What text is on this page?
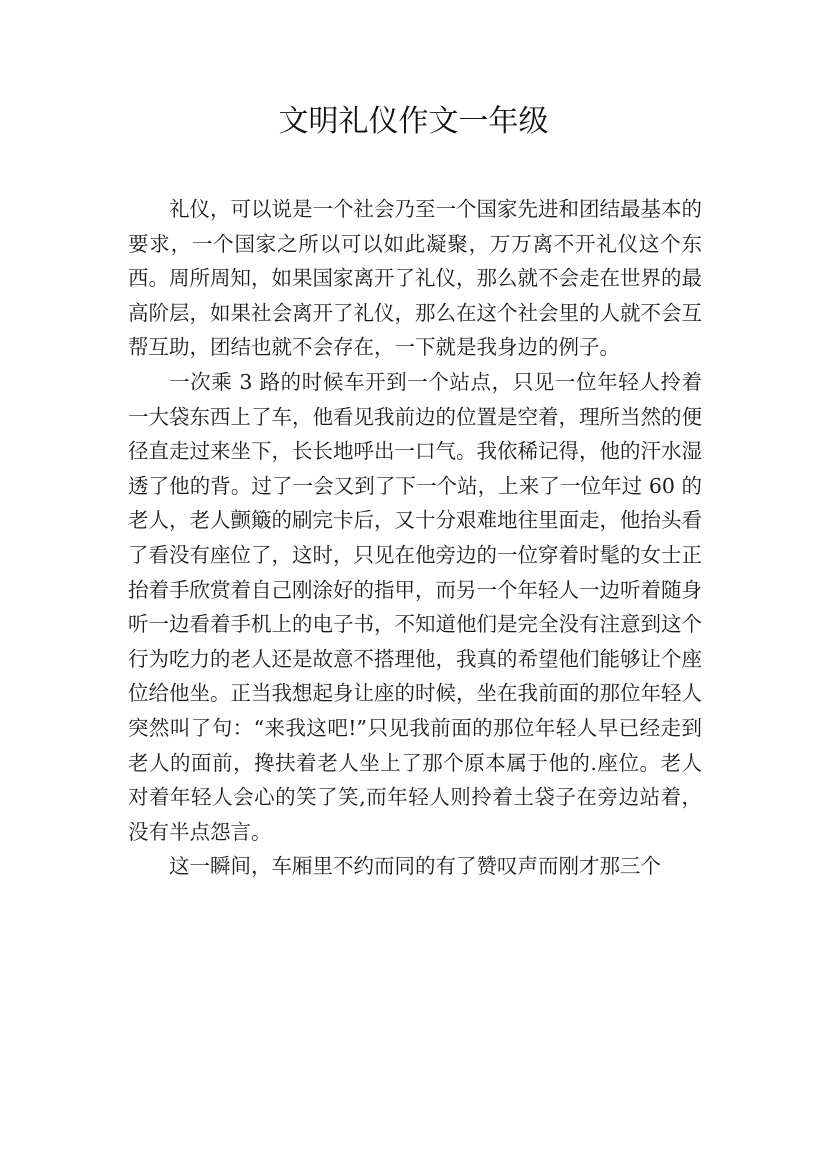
文明礼仪作文一年级

礼仪，可以说是一个社会乃至一个国家先进和团结最基本的要求，一个国家之所以可以如此凝聚，万万离不开礼仪这个东西。周所周知，如果国家离开了礼仪，那么就不会走在世界的最高阶层，如果社会离开了礼仪，那么在这个社会里的人就不会互帮互助，团结也就不会存在，一下就是我身边的例子。

一次乘 3 路的时候车开到一个站点，只见一位年轻人拎着一大袋东西上了车，他看见我前边的位置是空着，理所当然的便径直走过来坐下，长长地呼出一口气。我依稀记得，他的汗水湿透了他的背。过了一会又到了下一个站，上来了一位年过 60 的老人，老人颤簸的刷完卡后，又十分艰难地往里面走，他抬头看了看没有座位了，这时，只见在他旁边的一位穿着时髦的女士正抬着手欣赏着自己刚涂好的指甲，而另一个年轻人一边听着随身听一边看着手机上的电子书，不知道他们是完全没有注意到这个行为吃力的老人还是故意不搭理他，我真的希望他们能够让个座位给他坐。正当我想起身让座的时候，坐在我前面的那位年轻人突然叫了句：“来我这吧!”只见我前面的那位年轻人早已经走到老人的面前，搀扶着老人坐上了那个原本属于他的.座位。老人对着年轻人会心的笑了笑,而年轻人则拎着土袋子在旁边站着，没有半点怨言。

这一瞬间，车厢里不约而同的有了赞叹声而刚才那三个
